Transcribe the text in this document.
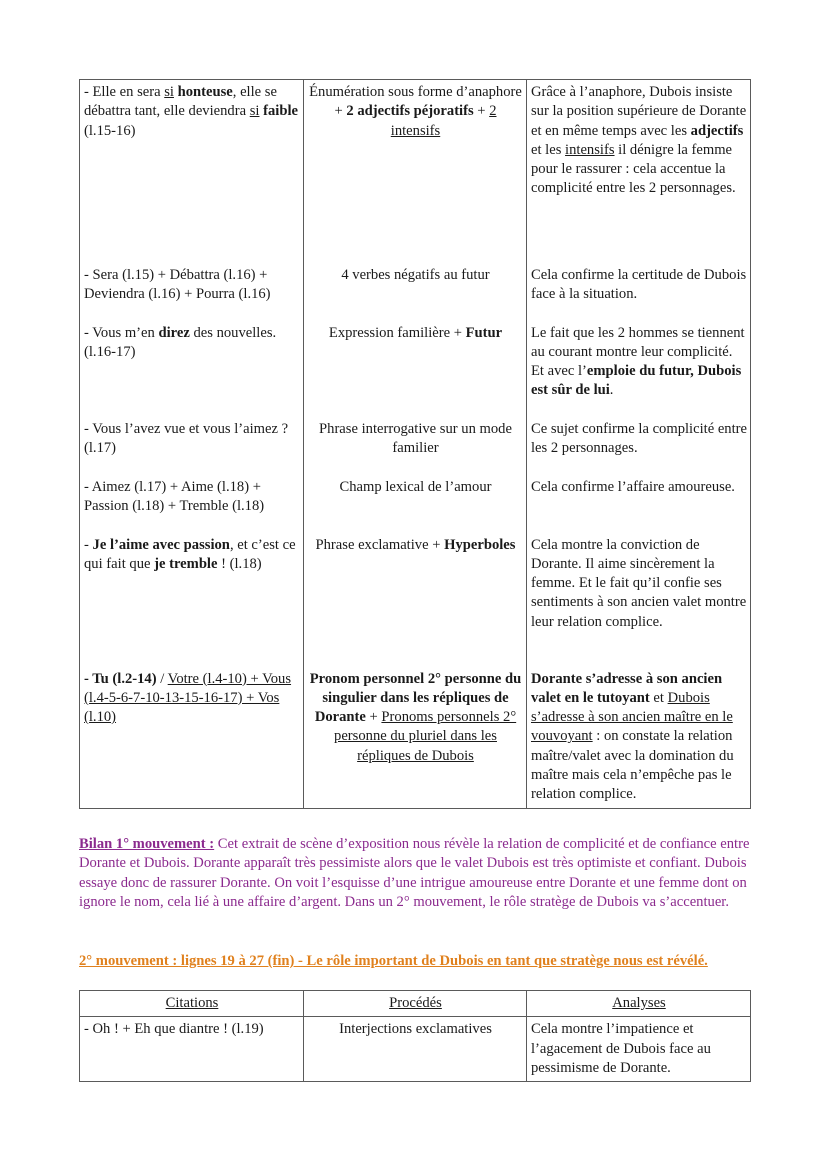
- Elle en sera si honteuse, elle se débattra tant, elle deviendra si faible (l.15-16)	Énumération sous forme d’anaphore + 2 adjectifs péjoratifs + 2 intensifs	Grâce à l’anaphore, Dubois insiste sur la position supérieure de Dorante et en même temps avec les adjectifs et les intensifs il dénigre la femme pour le rassurer : cela accentue la complicité entre les 2 personnages.
- Sera (l.15) + Débattra (l.16) + Deviendra (l.16) + Pourra (l.16)	4 verbes négatifs au futur	Cela confirme la certitude de Dubois face à la situation.
- Vous m’en direz des nouvelles. (l.16-17)	Expression familière + Futur	Le fait que les 2 hommes se tiennent au courant montre leur complicité. Et avec l’emploie du futur, Dubois est sûr de lui.
- Vous l’avez vue et vous l’aimez ? (l.17)	Phrase interrogative sur un mode familier	Ce sujet confirme la complicité entre les 2 personnages.
- Aimez (l.17) + Aime (l.18) + Passion (l.18) + Tremble (l.18)	Champ lexical de l’amour	Cela confirme l’affaire amoureuse.
- Je l’aime avec passion, et c’est ce qui fait que je tremble ! (l.18)	Phrase exclamative + Hyperboles	Cela montre la conviction de Dorante. Il aime sincèrement la femme. Et le fait qu’il confie ses sentiments à son ancien valet montre leur relation complice.
- Tu (l.2-14) / Votre (l.4-10) + Vous (l.4-5-6-7-10-13-15-16-17) + Vos (l.10)	Pronom personnel 2° personne du singulier dans les répliques de Dorante + Pronoms personnels 2° personne du pluriel dans les répliques de Dubois	Dorante s’adresse à son ancien valet en le tutoyant et Dubois s’adresse à son ancien maître en le vouvoyant : on constate la relation maître/valet avec la domination du maître mais cela n’empêche pas le relation complice.
Bilan 1° mouvement : Cet extrait de scène d’exposition nous révèle la relation de complicité et de confiance entre Dorante et Dubois. Dorante apparaît très pessimiste alors que le valet Dubois est très optimiste et confiant. Dubois essaye donc de rassurer Dorante. On voit l’esquisse d’une intrigue amoureuse entre Dorante et une femme dont on ignore le nom, cela lié à une affaire d’argent. Dans un 2° mouvement, le rôle stratège de Dubois va s’accentuer.
2° mouvement : lignes 19 à 27 (fin) - Le rôle important de Dubois en tant que stratège nous est révélé.
Citations	Procédés	Analyses
- Oh ! + Eh que diantre ! (l.19)	Interjections exclamatives	Cela montre l’impatience et l’agacement de Dubois face au pessimisme de Dorante.
